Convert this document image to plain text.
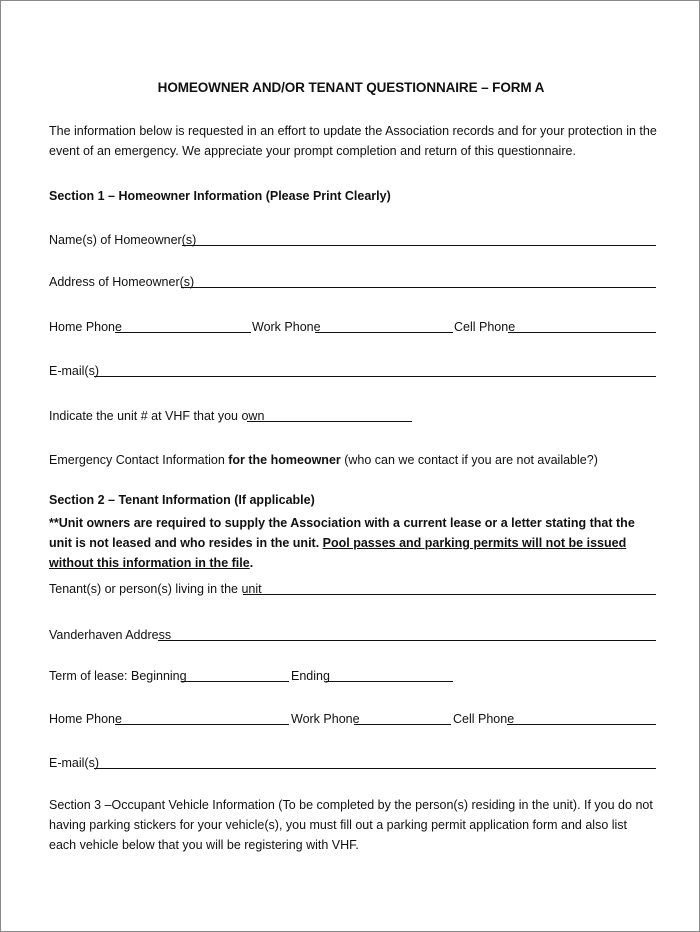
HOMEOWNER AND/OR TENANT QUESTIONNAIRE – FORM A
The information below is requested in an effort to update the Association records and for your protection in the event of an emergency. We appreciate your prompt completion and return of this questionnaire.
Section 1 – Homeowner Information (Please Print Clearly)
Name(s) of Homeowner(s)
Address of Homeowner(s)
Home Phone	Work Phone	Cell Phone
E-mail(s)
Indicate the unit # at VHF that you own
Emergency Contact Information for the homeowner (who can we contact if you are not available?)
Section 2 – Tenant Information (If applicable)
**Unit owners are required to supply the Association with a current lease or a letter stating that the unit is not leased and who resides in the unit. Pool passes and parking permits will not be issued without this information in the file.
Tenant(s) or person(s) living in the unit
Vanderhaven Address
Term of lease: Beginning	Ending
Home Phone	Work Phone	Cell Phone
E-mail(s)
Section 3 –Occupant Vehicle Information (To be completed by the person(s) residing in the unit). If you do not having parking stickers for your vehicle(s), you must fill out a parking permit application form and also list each vehicle below that you will be registering with VHF.
